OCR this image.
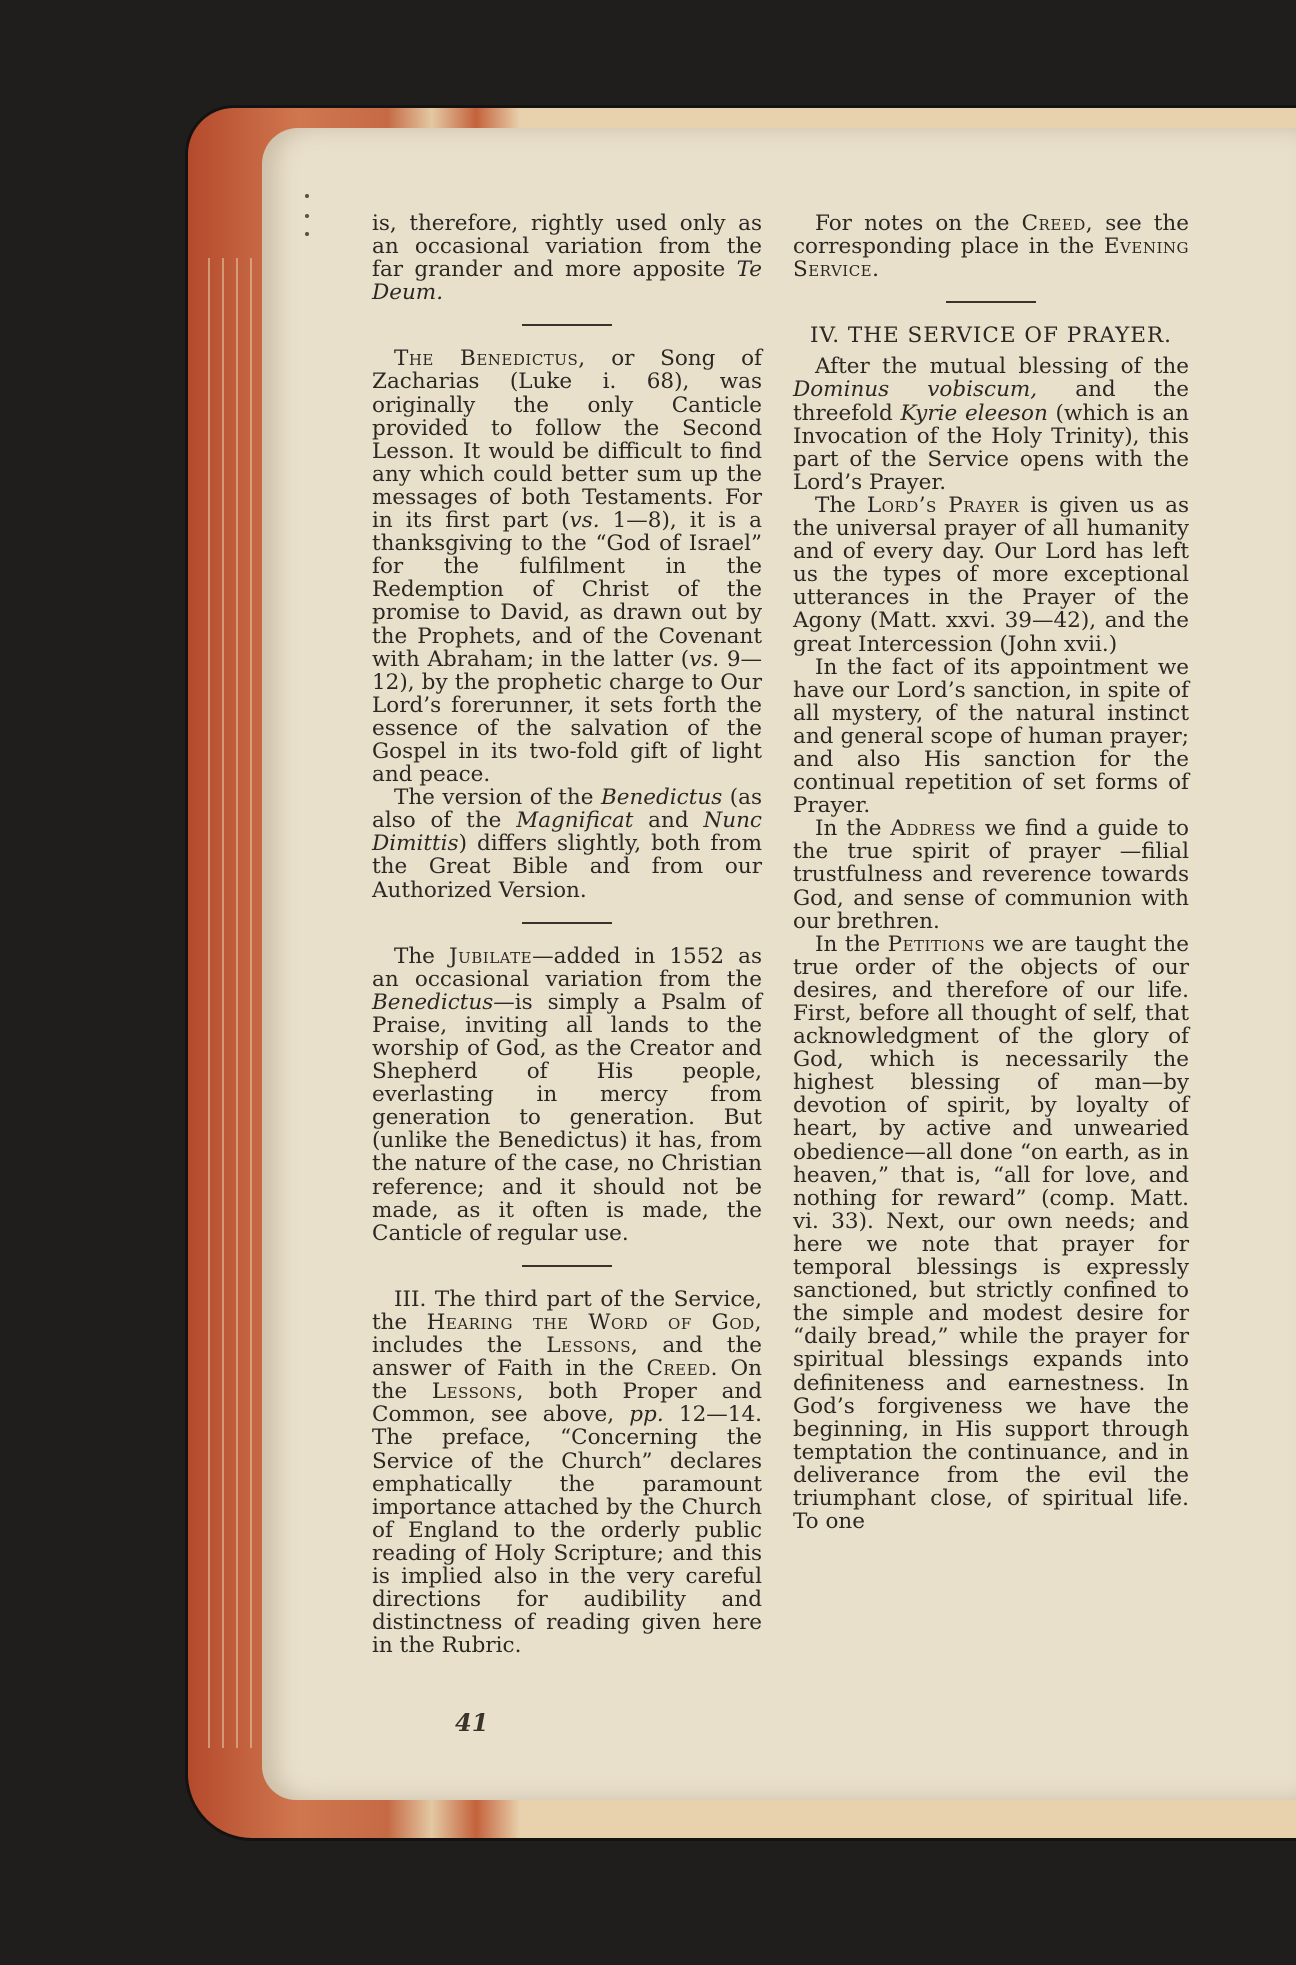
is, therefore, rightly used only as an occasional variation from the far grander and more apposite Te Deum.

The Benedictus, or Song of Zacharias (Luke i. 68), was originally the only Canticle provided to follow the Second Lesson. It would be difficult to find any which could better sum up the messages of both Testaments. For in its first part (vs. 1—8), it is a thanksgiving to the “God of Israel” for the fulfilment in the Redemption of Christ of the promise to David, as drawn out by the Prophets, and of the Covenant with Abraham; in the latter (vs. 9—12), by the prophetic charge to Our Lord’s forerunner, it sets forth the essence of the salvation of the Gospel in its two-fold gift of light and peace.

The version of the Benedictus (as also of the Magnificat and Nunc Dimittis) differs slightly, both from the Great Bible and from our Authorized Version.

The Jubilate—added in 1552 as an occasional variation from the Benedictus—is simply a Psalm of Praise, inviting all lands to the worship of God, as the Creator and Shepherd of His people, everlasting in mercy from generation to generation. But (unlike the Benedictus) it has, from the nature of the case, no Christian reference; and it should not be made, as it often is made, the Canticle of regular use.

III. The third part of the Service, the Hearing the Word of God, includes the Lessons, and the answer of Faith in the Creed. On the Lessons, both Proper and Common, see above, pp. 12—14. The preface, “Concerning the Service of the Church” declares emphatically the paramount importance attached by the Church of England to the orderly public reading of Holy Scripture; and this is implied also in the very careful directions for audibility and distinctness of reading given here in the Rubric.

For notes on the Creed, see the corresponding place in the Evening Service.

IV. THE SERVICE OF PRAYER.

After the mutual blessing of the Dominus vobiscum, and the threefold Kyrie eleeson (which is an Invocation of the Holy Trinity), this part of the Service opens with the Lord’s Prayer.

The Lord’s Prayer is given us as the universal prayer of all humanity and of every day. Our Lord has left us the types of more exceptional utterances in the Prayer of the Agony (Matt. xxvi. 39—42), and the great Intercession (John xvii.)

In the fact of its appointment we have our Lord’s sanction, in spite of all mystery, of the natural instinct and general scope of human prayer; and also His sanction for the continual repetition of set forms of Prayer.

In the Address we find a guide to the true spirit of prayer —filial trustfulness and reverence towards God, and sense of communion with our brethren.

In the Petitions we are taught the true order of the objects of our desires, and therefore of our life. First, before all thought of self, that acknowledgment of the glory of God, which is necessarily the highest blessing of man—by devotion of spirit, by loyalty of heart, by active and unwearied obedience—all done “on earth, as in heaven,” that is, “all for love, and nothing for reward” (comp. Matt. vi. 33). Next, our own needs; and here we note that prayer for temporal blessings is expressly sanctioned, but strictly confined to the simple and modest desire for “daily bread,” while the prayer for spiritual blessings expands into definiteness and earnestness. In God’s forgiveness we have the beginning, in His support through temptation the continuance, and in deliverance from the evil the triumphant close, of spiritual life. To one

41
